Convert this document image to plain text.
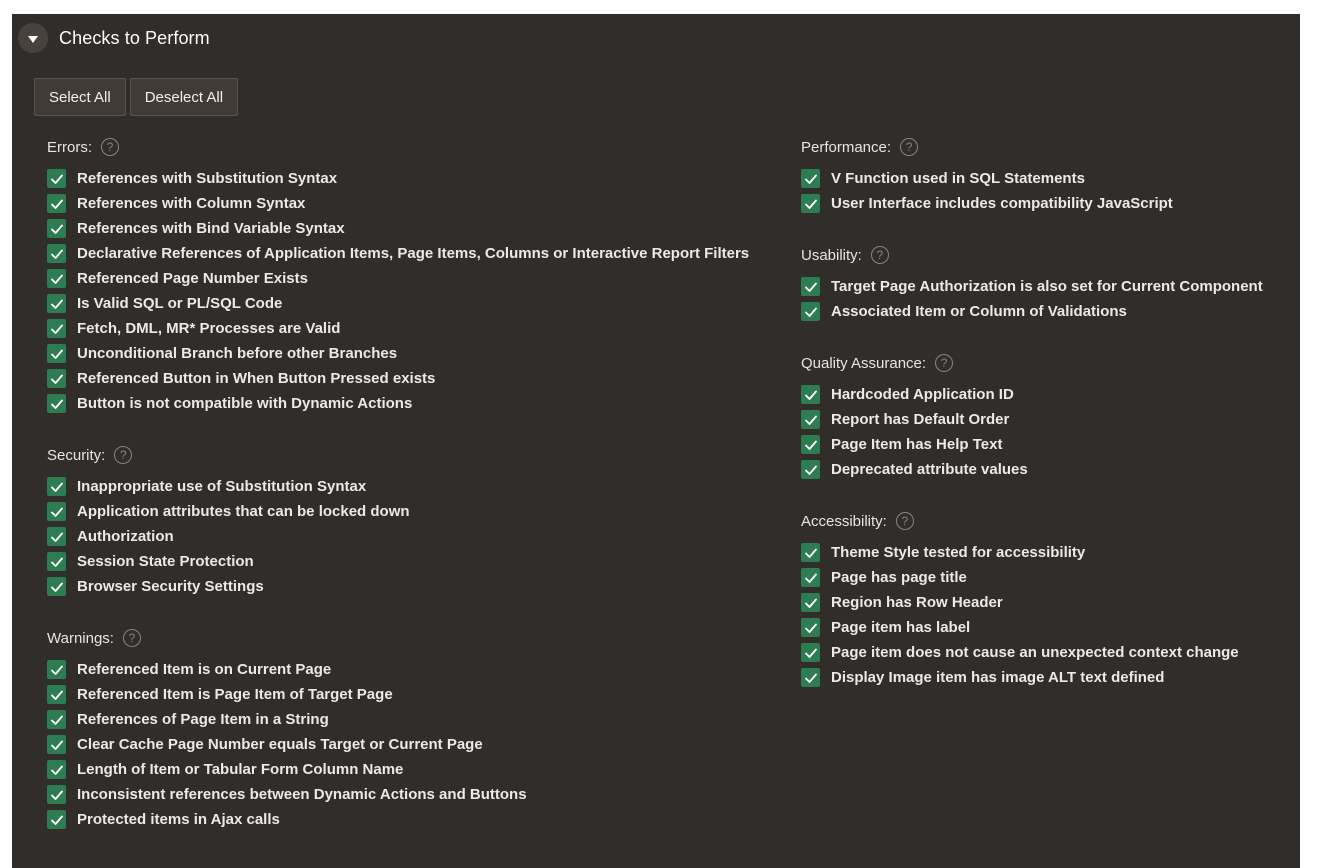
Checks to Perform
Select All	Deselect All
Errors:	?
References with Substitution Syntax
References with Column Syntax
References with Bind Variable Syntax
Declarative References of Application Items, Page Items, Columns or Interactive Report Filters
Referenced Page Number Exists
Is Valid SQL or PL/SQL Code
Fetch, DML, MR* Processes are Valid
Unconditional Branch before other Branches
Referenced Button in When Button Pressed exists
Button is not compatible with Dynamic Actions
Security:	?
Inappropriate use of Substitution Syntax
Application attributes that can be locked down
Authorization
Session State Protection
Browser Security Settings
Warnings:	?
Referenced Item is on Current Page
Referenced Item is Page Item of Target Page
References of Page Item in a String
Clear Cache Page Number equals Target or Current Page
Length of Item or Tabular Form Column Name
Inconsistent references between Dynamic Actions and Buttons
Protected items in Ajax calls
Performance:	?
V Function used in SQL Statements
User Interface includes compatibility JavaScript
Usability:	?
Target Page Authorization is also set for Current Component
Associated Item or Column of Validations
Quality Assurance:	?
Hardcoded Application ID
Report has Default Order
Page Item has Help Text
Deprecated attribute values
Accessibility:	?
Theme Style tested for accessibility
Page has page title
Region has Row Header
Page item has label
Page item does not cause an unexpected context change
Display Image item has image ALT text defined
